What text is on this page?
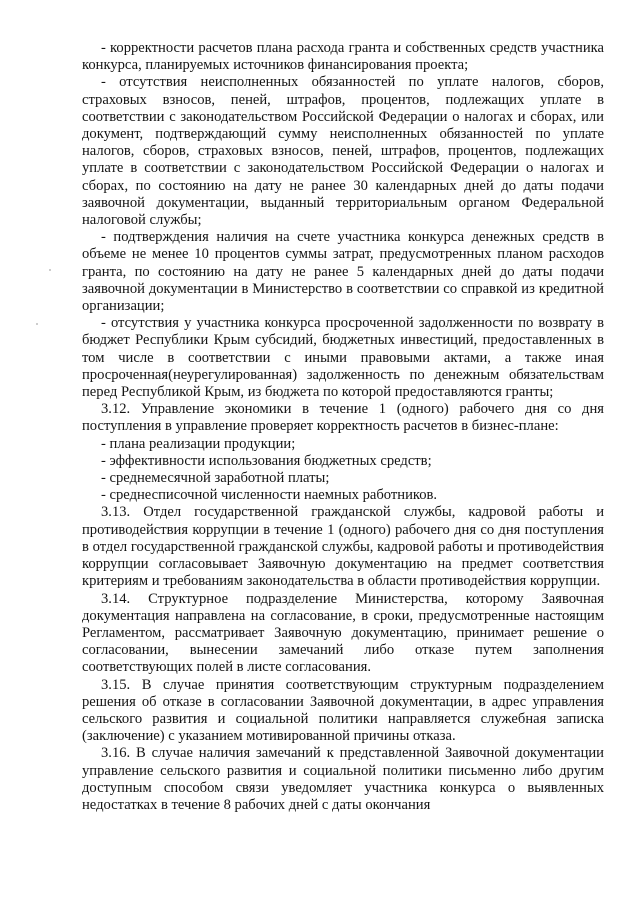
- корректности расчетов плана расхода гранта и собственных средств участника конкурса, планируемых источников финансирования проекта;

- отсутствия неисполненных обязанностей по уплате налогов, сборов, страховых взносов, пеней, штрафов, процентов, подлежащих уплате в соответствии с законодательством Российской Федерации о налогах и сборах, или документ, подтверждающий сумму неисполненных обязанностей по уплате налогов, сборов, страховых взносов, пеней, штрафов, процентов, подлежащих уплате в соответствии с законодательством Российской Федерации о налогах и сборах, по состоянию на дату не ранее 30 календарных дней до даты подачи заявочной документации, выданный территориальным органом Федеральной налоговой службы;

- подтверждения наличия на счете участника конкурса денежных средств в объеме не менее 10 процентов суммы затрат, предусмотренных планом расходов гранта, по состоянию на дату не ранее 5 календарных дней до даты подачи заявочной документации в Министерство в соответствии со справкой из кредитной организации;

- отсутствия у участника конкурса просроченной задолженности по возврату в бюджет Республики Крым субсидий, бюджетных инвестиций, предоставленных в том числе в соответствии с иными правовыми актами, а также иная просроченная(неурегулированная) задолженность по денежным обязательствам перед Республикой Крым, из бюджета по которой предоставляются гранты;

3.12. Управление экономики в течение 1 (одного) рабочего дня со дня поступления в управление проверяет корректность расчетов в бизнес-плане:

- плана реализации продукции;

- эффективности использования бюджетных средств;

- среднемесячной заработной платы;

- среднесписочной численности наемных работников.

3.13. Отдел государственной гражданской службы, кадровой работы и противодействия коррупции в течение 1 (одного) рабочего дня со дня поступления в отдел государственной гражданской службы, кадровой работы и противодействия коррупции согласовывает Заявочную документацию на предмет соответствия критериям и требованиям законодательства в области противодействия коррупции.

3.14. Структурное подразделение Министерства, которому Заявочная документация направлена на согласование, в сроки, предусмотренные настоящим Регламентом, рассматривает Заявочную документацию, принимает решение о согласовании, вынесении замечаний либо отказе путем заполнения соответствующих полей в листе согласования.

3.15. В случае принятия соответствующим структурным подразделением решения об отказе в согласовании Заявочной документации, в адрес управления сельского развития и социальной политики направляется служебная записка (заключение) с указанием мотивированной причины отказа.

3.16. В случае наличия замечаний к представленной Заявочной документации управление сельского развития и социальной политики письменно либо другим доступным способом связи уведомляет участника конкурса о выявленных недостатках в течение 8 рабочих дней с даты окончания
